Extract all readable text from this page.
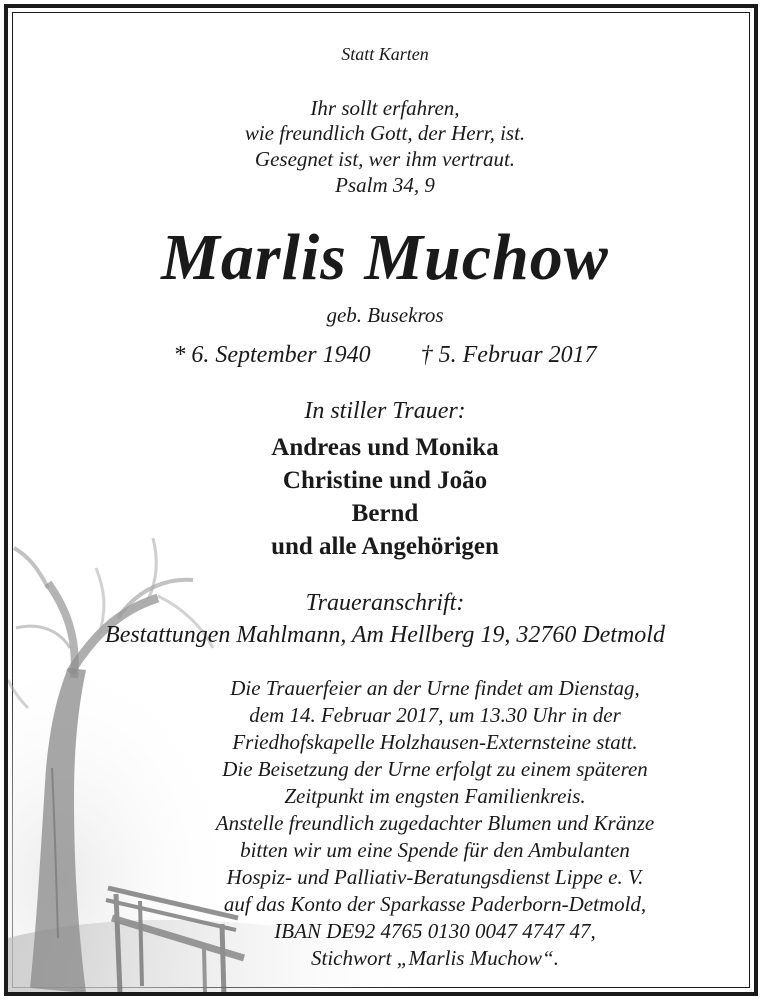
Statt Karten
Ihr sollt erfahren,
wie freundlich Gott, der Herr, ist.
Gesegnet ist, wer ihm vertraut.
Psalm 34, 9
Marlis Muchow
geb. Busekros
* 6. September 1940 † 5. Februar 2017
In stiller Trauer:
Andreas und Monika
Christine und João
Bernd
und alle Angehörigen
Traueranschrift:
Bestattungen Mahlmann, Am Hellberg 19, 32760 Detmold
Die Trauerfeier an der Urne findet am Dienstag,
dem 14. Februar 2017, um 13.30 Uhr in der
Friedhofskapelle Holzhausen-Externsteine statt.
Die Beisetzung der Urne erfolgt zu einem späteren
Zeitpunkt im engsten Familienkreis.
Anstelle freundlich zugedachter Blumen und Kränze
bitten wir um eine Spende für den Ambulanten
Hospiz- und Palliativ-Beratungsdienst Lippe e. V.
auf das Konto der Sparkasse Paderborn-Detmold,
IBAN DE92 4765 0130 0047 4747 47,
Stichwort „Marlis Muchow“.
